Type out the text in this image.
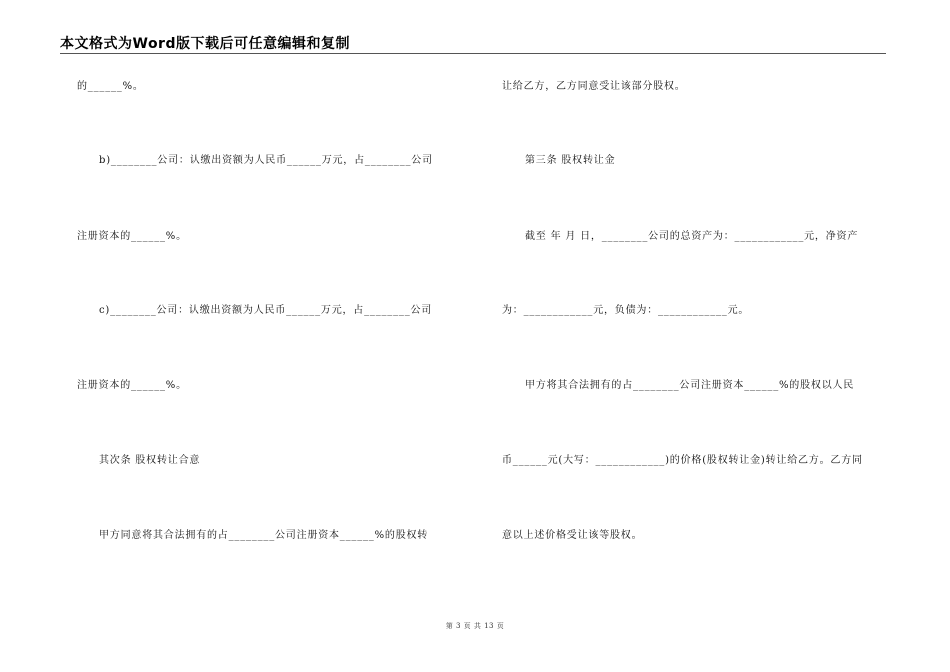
本文格式为Word版下载后可任意编辑和复制
的______%。
b)________公司：认缴出资额为人民币______万元，占________公司
注册资本的______%。
c)________公司：认缴出资额为人民币______万元，占________公司
注册资本的______%。
其次条 股权转让合意
甲方同意将其合法拥有的占________公司注册资本______%的股权转
让给乙方，乙方同意受让该部分股权。
第三条 股权转让金
截至 年 月 日，________公司的总资产为：____________元，净资产
为：____________元，负债为：____________元。
甲方将其合法拥有的占________公司注册资本______%的股权以人民
币______元(大写：____________)的价格(股权转让金)转让给乙方。乙方同
意以上述价格受让该等股权。
第 3 页 共 13 页
